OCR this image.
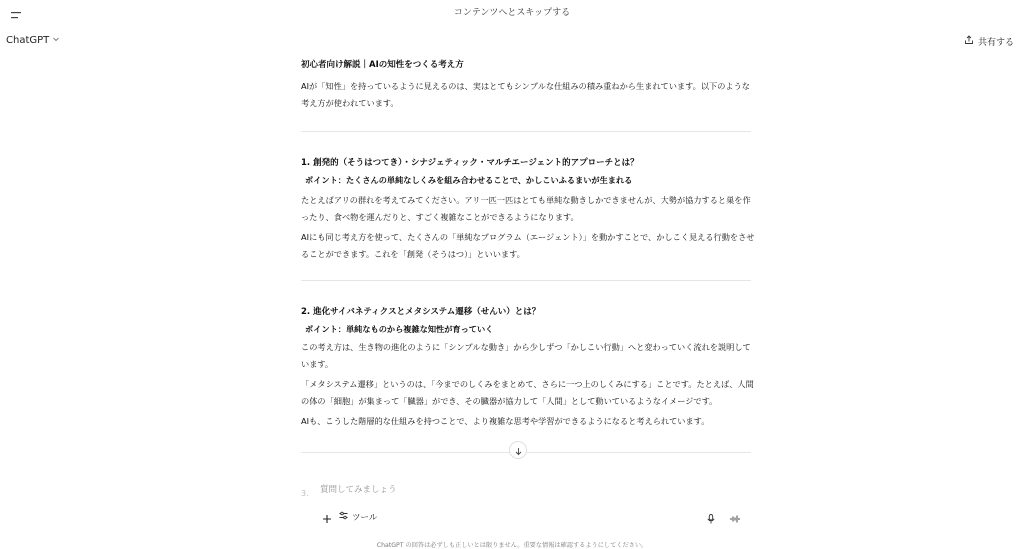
コンテンツへとスキップする
ChatGPT	共有する

初心者向け解説｜AIの知性をつくる考え方

AIが「知性」を持っているように見えるのは、実はとてもシンプルな仕組みの積み重ねから生まれています。以下のような考え方が使われています。

1. 創発的（そうはつてき）・シナジェティック・マルチエージェント的アプローチとは？

ポイント：たくさんの単純なしくみを組み合わせることで、かしこいふるまいが生まれる

たとえばアリの群れを考えてみてください。アリ一匹一匹はとても単純な動きしかできませんが、大勢が協力すると巣を作ったり、食べ物を運んだりと、すごく複雑なことができるようになります。

AIにも同じ考え方を使って、たくさんの「単純なプログラム（エージェント）」を動かすことで、かしこく見える行動をさせることができます。これを「創発（そうはつ）」といいます。

2. 進化サイバネティクスとメタシステム遷移（せんい）とは？

ポイント：単純なものから複雑な知性が育っていく

この考え方は、生き物の進化のように「シンプルな動き」から少しずつ「かしこい行動」へと変わっていく流れを説明しています。

「メタシステム遷移」というのは、「今までのしくみをまとめて、さらに一つ上のしくみにする」ことです。たとえば、人間の体の「細胞」が集まって「臓器」ができ、その臓器が協力して「人間」として動いているようなイメージです。

AIも、こうした階層的な仕組みを持つことで、より複雑な思考や学習ができるようになると考えられています。

3.
質問してみましょう
ツール
ChatGPT の回答は必ずしも正しいとは限りません。重要な情報は確認するようにしてください。
